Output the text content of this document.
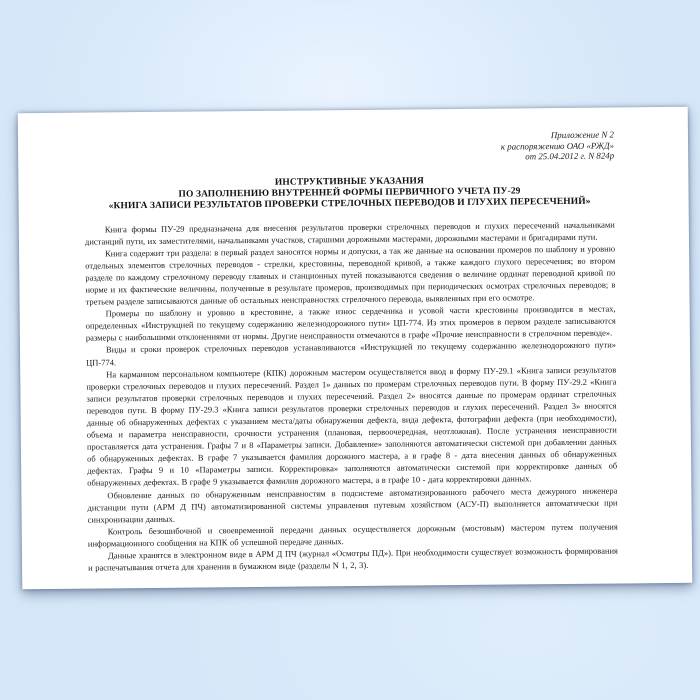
Приложение N 2
к распоряжению ОАО «РЖД»
от 25.04.2012 г. N 824р
ИНСТРУКТИВНЫЕ УКАЗАНИЯ
ПО ЗАПОЛНЕНИЮ ВНУТРЕННЕЙ ФОРМЫ ПЕРВИЧНОГО УЧЕТА ПУ-29
«КНИГА ЗАПИСИ РЕЗУЛЬТАТОВ ПРОВЕРКИ СТРЕЛОЧНЫХ ПЕРЕВОДОВ И ГЛУХИХ ПЕРЕСЕЧЕНИЙ»

Книга формы ПУ-29 предназначена для внесения результатов проверки стрелочных переводов и глухих пересечений начальниками дистанций пути, их заместителями, начальниками участков, старшими дорожными мастерами, дорожными мастерами и бригадирами пути.

Книга содержит три раздела: в первый раздел заносятся нормы и допуски, а так же данные на основании промеров по шаблону и уровню отдельных элементов стрелочных переводов - стрелки, крестовины, переводной кривой, а также каждого глухого пересечения; во втором разделе по каждому стрелочному переводу главных и станционных путей показываются сведения о величине ординат переводной кривой по норме и их фактические величины, полученные в результате промеров, производимых при периодических осмотрах стрелочных переводов; в третьем разделе записываются данные об остальных неисправностях стрелочного перевода, выявленных при его осмотре.

Промеры по шаблону и уровню в крестовине, а также износ сердечника и усовой части крестовины производится в местах, определенных «Инструкцией по текущему содержанию железнодорожного пути» ЦП-774. Из этих промеров в первом разделе записываются размеры с наибольшими отклонениями от нормы. Другие неисправности отмечаются в графе «Прочие неисправности в стрелочном переводе».

Виды и сроки проверок стрелочных переводов устанавливаются «Инструкцией по текущему содержанию железнодорожного пути» ЦП-774.

На карманном персональном компьютере (КПК) дорожным мастером осуществляется ввод в форму ПУ-29.1 «Книга записи результатов проверки стрелочных переводов и глухих пересечений. Раздел 1» данных по промерам стрелочных переводов пути. В форму ПУ-29.2 «Книга записи результатов проверки стрелочных переводов и глухих пересечений. Раздел 2» вносятся данные по промерам ординат стрелочных переводов пути. В форму ПУ-29.3 «Книга записи результатов проверки стрелочных переводов и глухих пересечений. Раздел 3» вносятся данные об обнаруженных дефектах с указанием места/даты обнаружения дефекта, вида дефекта, фотографии дефекта (при необходимости), объема и параметра неисправности, срочности устранения (плановая, первоочередная, неотложная). После устранения неисправности проставляется дата устранения. Графы 7 и 8 «Параметры записи. Добавление» заполняются автоматически системой при добавлении данных об обнаруженных дефектах. В графе 7 указывается фамилия дорожного мастера, а в графе 8 - дата внесения данных об обнаруженных дефектах. Графы 9 и 10 «Параметры записи. Корректировка» заполняются автоматически системой при корректировке данных об обнаруженных дефектах. В графе 9 указывается фамилия дорожного мастера, а в графе 10 - дата корректировки данных.

Обновление данных по обнаруженным неисправностям в подсистеме автоматизированного рабочего места дежурного инженера дистанции пути (АРМ Д ПЧ) автоматизированной системы управления путевым хозяйством (АСУ-П) выполняется автоматически при синхронизации данных.

Контроль безошибочной и своевременной передачи данных осуществляется дорожным (мостовым) мастером путем получения информационного сообщения на КПК об успешной передаче данных.

Данные хранятся в электронном виде в АРМ Д ПЧ (журнал «Осмотры ПД»). При необходимости существует возможность формирования и распечатывания отчета для хранения в бумажном виде (разделы N 1, 2, 3).
